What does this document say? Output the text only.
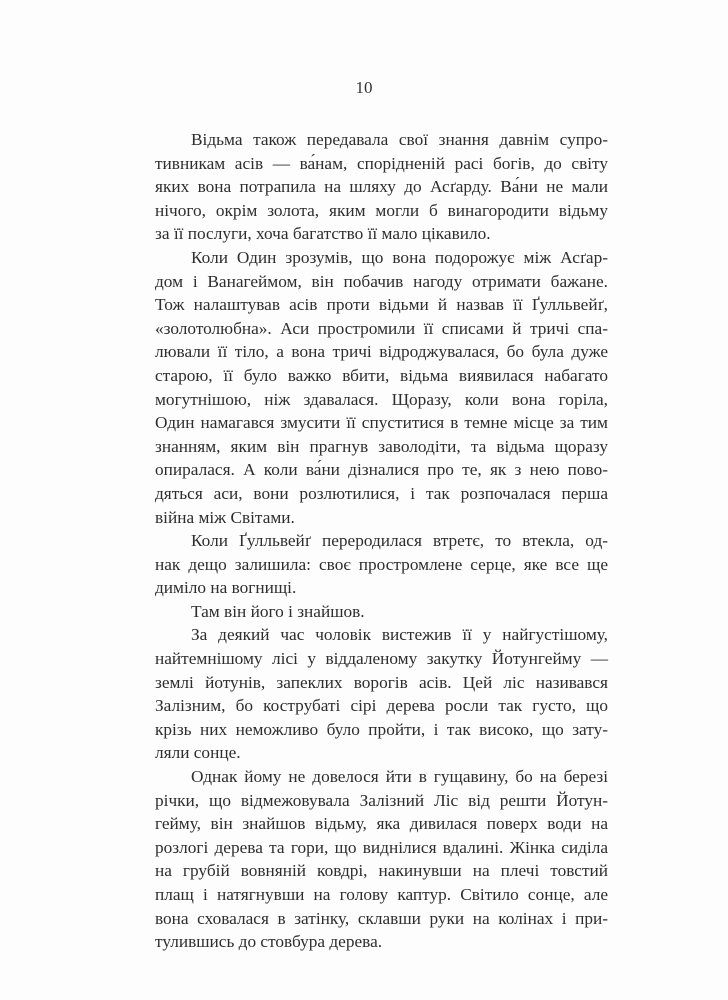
10
Відьма також передавала свої знання давнім супро-
тивникам асів — ва́нам, спорідненій расі богів, до світу
яких вона потрапила на шляху до Асґарду. Ва́ни не мали
нічого, окрім золота, яким могли б винагородити відьму
за її послуги, хоча багатство її мало цікавило.
Коли Один зрозумів, що вона подорожує між Асґар-
дом і Ванагеймом, він побачив нагоду отримати бажане.
Тож налаштував асів проти відьми й назвав її Ґулльвейґ,
«золотолюбна». Аси простромили її списами й тричі спа-
лювали її тіло, а вона тричі відроджувалася, бо була дуже
старою, її було важко вбити, відьма виявилася набагато
могутнішою, ніж здавалася. Щоразу, коли вона горіла,
Один намагався змусити її спуститися в темне місце за тим
знанням, яким він прагнув заволодіти, та відьма щоразу
опиралася. А коли ва́ни дізналися про те, як з нею пово-
дяться аси, вони розлютилися, і так розпочалася перша
війна між Світами.
Коли Ґулльвейґ переродилася втретє, то втекла, од-
нак дещо залишила: своє простромлене серце, яке все ще
диміло на вогнищі.
Там він його і знайшов.
За деякий час чоловік вистежив її у найгустішому,
найтемнішому лісі у віддаленому закутку Йотунгейму —
землі йотунів, запеклих ворогів асів. Цей ліс називався
Залізним, бо кострубаті сірі дерева росли так густо, що
крізь них неможливо було пройти, і так високо, що зату-
ляли сонце.
Однак йому не довелося йти в гущавину, бо на березі
річки, що відмежовувала Залізний Ліс від решти Йотун-
гейму, він знайшов відьму, яка дивилася поверх води на
розлогі дерева та гори, що виднілися вдалині. Жінка сиділа
на грубій вовняній ковдрі, накинувши на плечі товстий
плащ і натягнувши на голову каптур. Світило сонце, але
вона сховалася в затінку, склавши руки на колінах і при-
тулившись до стовбура дерева.
